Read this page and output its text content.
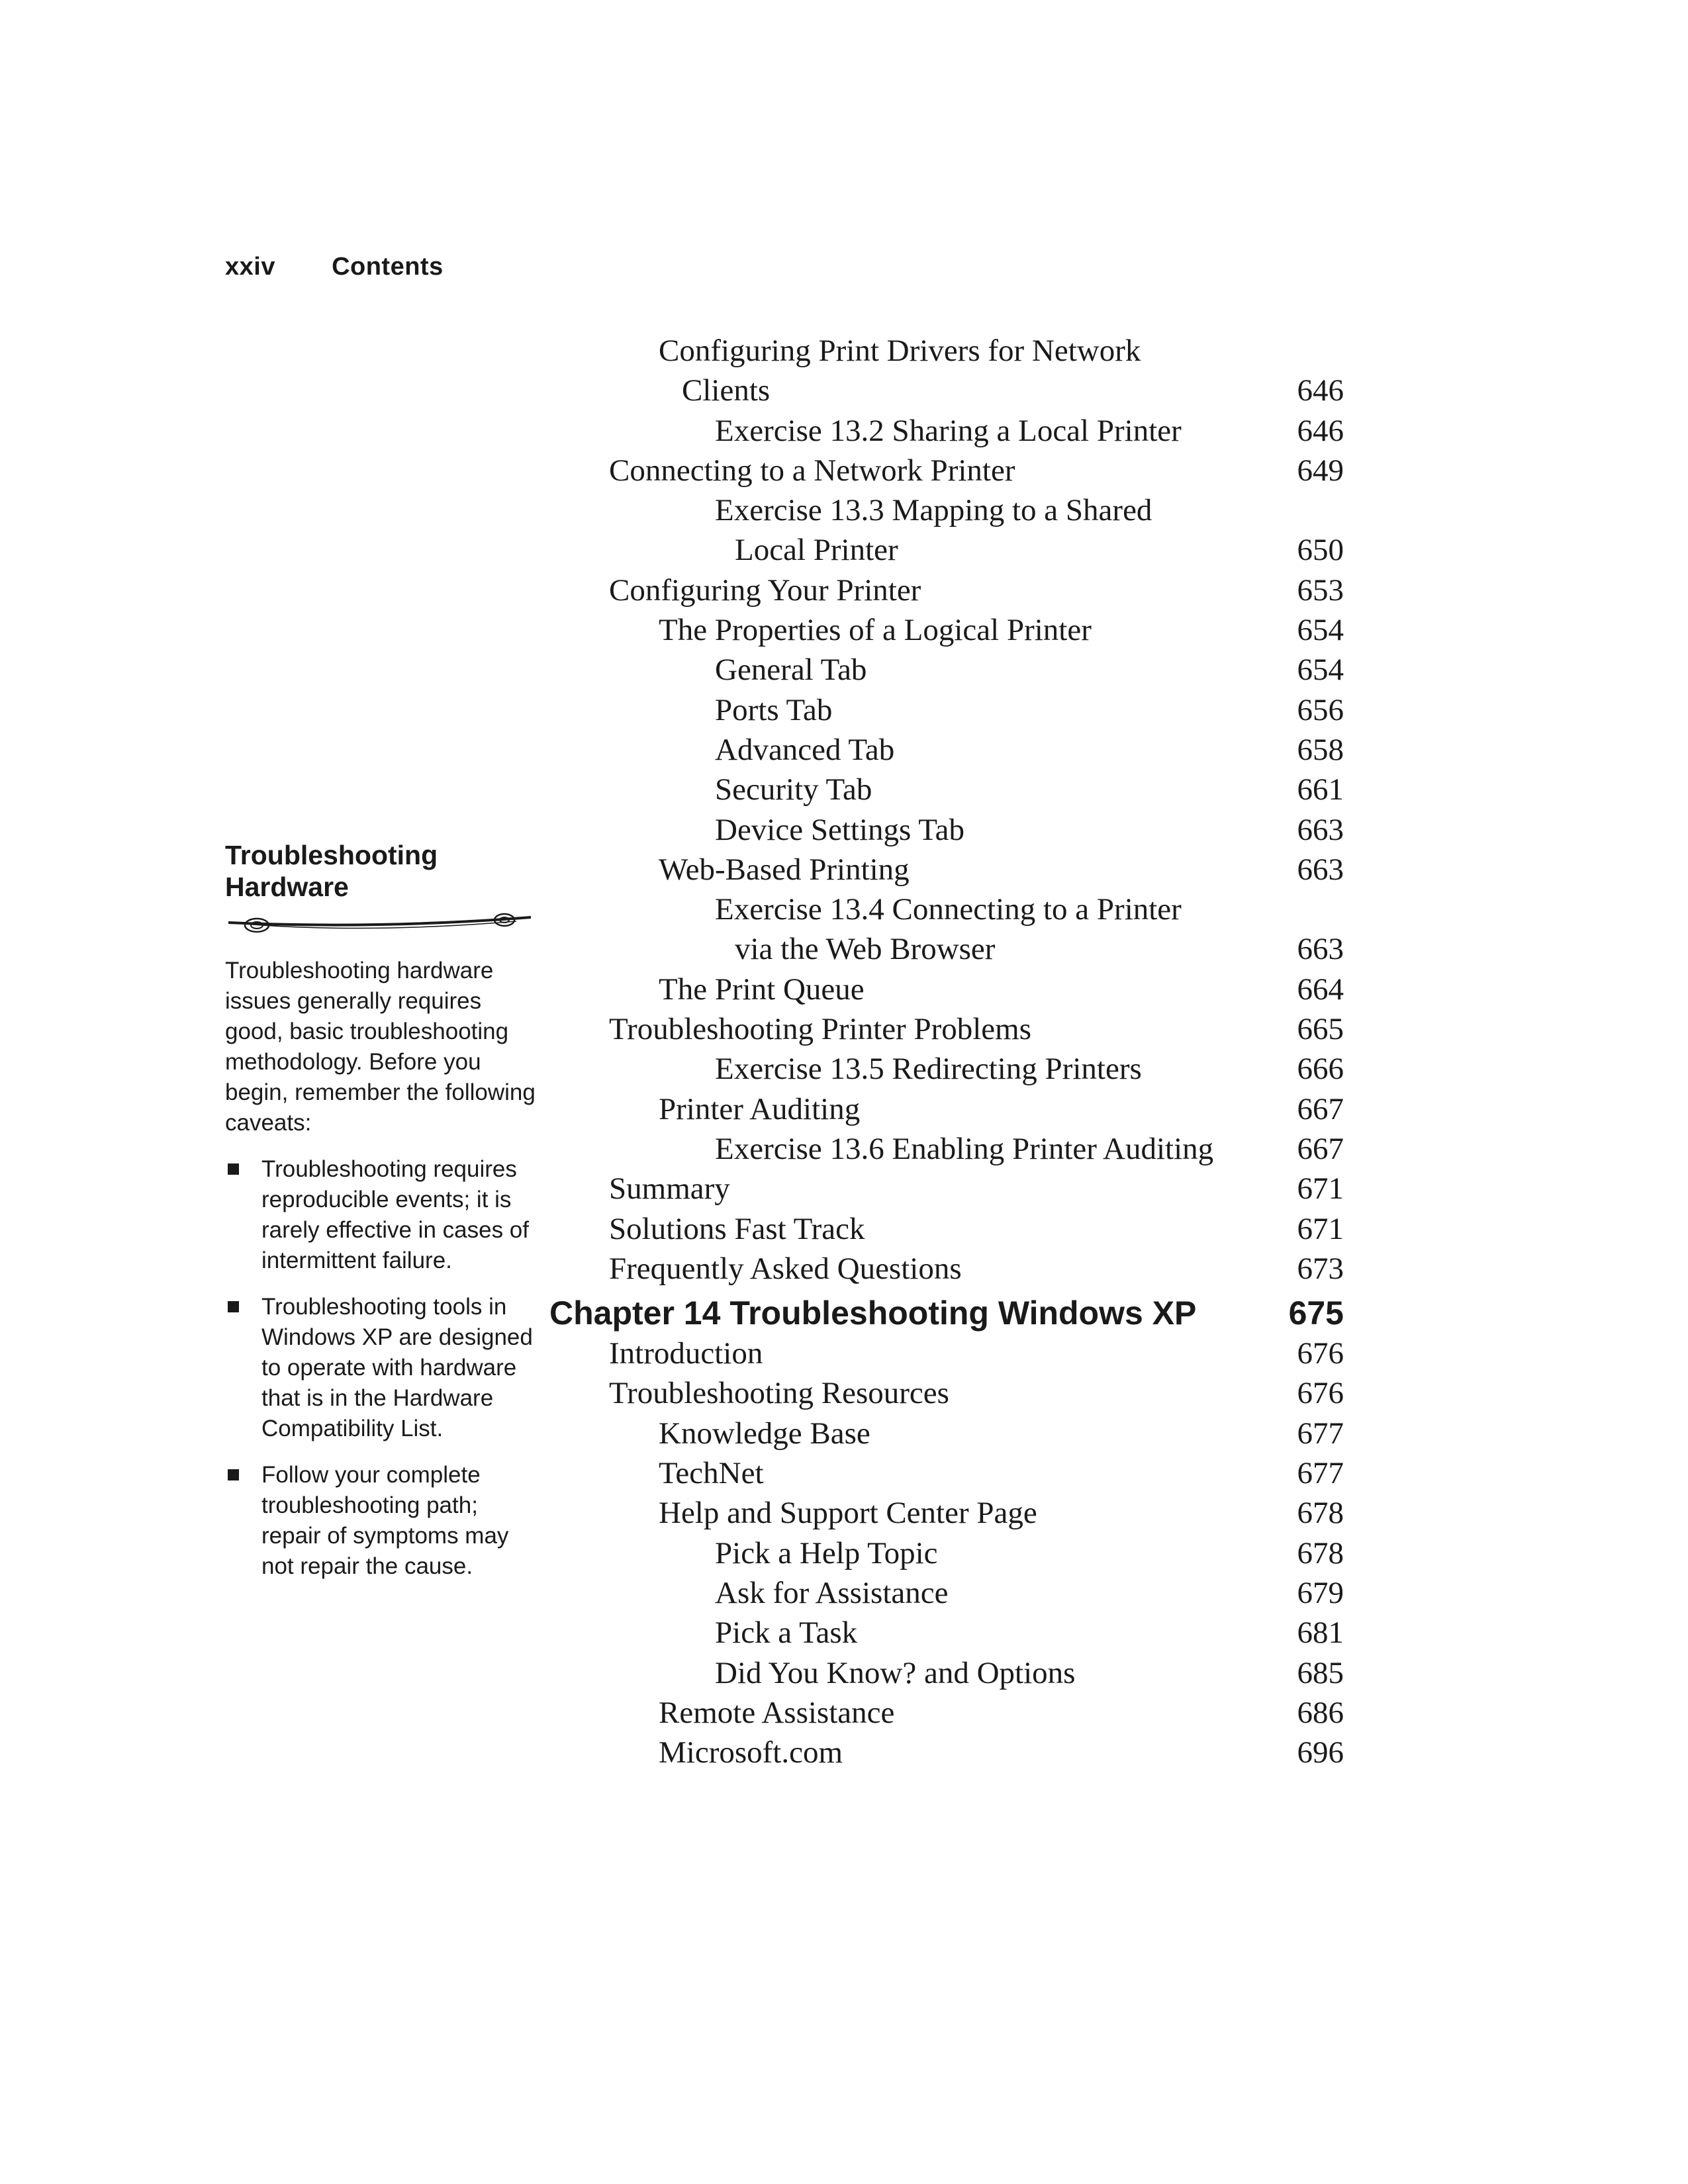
xxiv Contents
Troubleshooting
Hardware
Troubleshooting hardware issues generally requires good, basic troubleshooting methodology. Before you begin, remember the following caveats:
Troubleshooting requires reproducible events; it is rarely effective in cases of intermittent failure.
Troubleshooting tools in Windows XP are designed to operate with hardware that is in the Hardware Compatibility List.
Follow your complete troubleshooting path; repair of symptoms may not repair the cause.
Configuring Print Drivers for Network
Clients	646
Exercise 13.2 Sharing a Local Printer	646
Connecting to a Network Printer	649
Exercise 13.3 Mapping to a Shared
Local Printer	650
Configuring Your Printer	653
The Properties of a Logical Printer	654
General Tab	654
Ports Tab	656
Advanced Tab	658
Security Tab	661
Device Settings Tab	663
Web-Based Printing	663
Exercise 13.4 Connecting to a Printer
via the Web Browser	663
The Print Queue	664
Troubleshooting Printer Problems	665
Exercise 13.5 Redirecting Printers	666
Printer Auditing	667
Exercise 13.6 Enabling Printer Auditing	667
Summary	671
Solutions Fast Track	671
Frequently Asked Questions	673
Chapter 14 Troubleshooting Windows XP	675
Introduction	676
Troubleshooting Resources	676
Knowledge Base	677
TechNet	677
Help and Support Center Page	678
Pick a Help Topic	678
Ask for Assistance	679
Pick a Task	681
Did You Know? and Options	685
Remote Assistance	686
Microsoft.com	696
